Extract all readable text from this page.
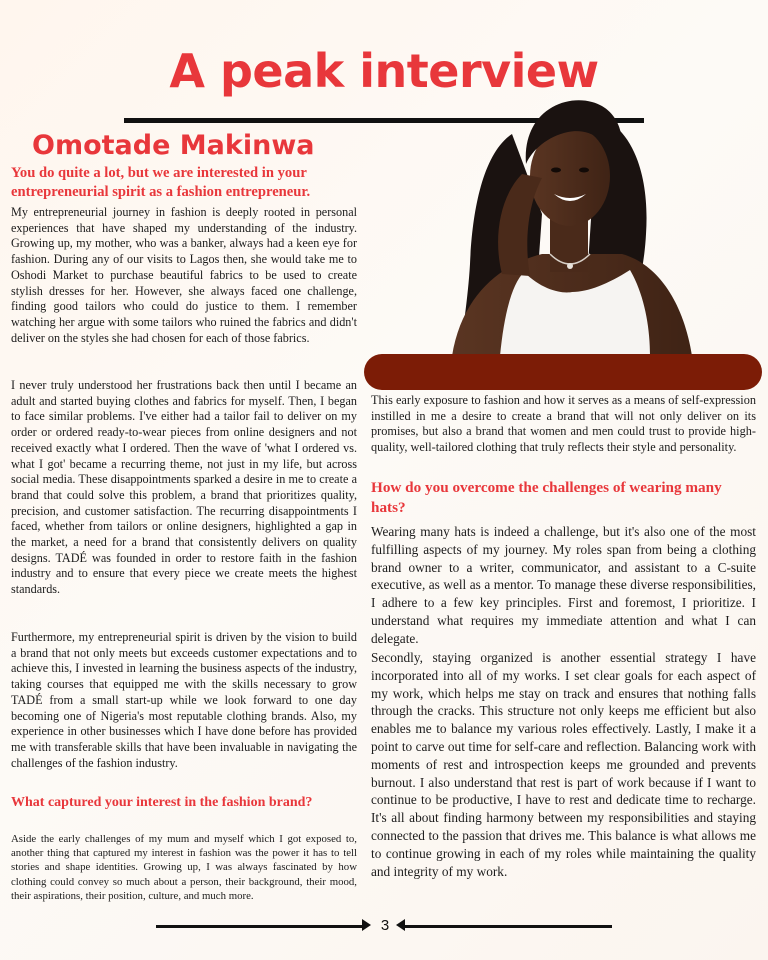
A peak interview
Omotade Makinwa
You do quite a lot, but we are interested in your entrepreneurial spirit as a fashion entrepreneur.
My entrepreneurial journey in fashion is deeply rooted in personal experiences that have shaped my understanding of the industry. Growing up, my mother, who was a banker, always had a keen eye for fashion. During any of our visits to Lagos then, she would take me to Oshodi Market to purchase beautiful fabrics to be used to create stylish dresses for her. However, she always faced one challenge, finding good tailors who could do justice to them. I remember watching her argue with some tailors who ruined the fabrics and didn't deliver on the styles she had chosen for each of those fabrics.
I never truly understood her frustrations back then until I became an adult and started buying clothes and fabrics for myself. Then, I began to face similar problems. I've either had a tailor fail to deliver on my order or ordered ready-to-wear pieces from online designers and not received exactly what I ordered. Then the wave of 'what I ordered vs. what I got' became a recurring theme, not just in my life, but across social media. These disappointments sparked a desire in me to create a brand that could solve this problem, a brand that prioritizes quality, precision, and customer satisfaction. The recurring disappointments I faced, whether from tailors or online designers, highlighted a gap in the market, a need for a brand that consistently delivers on quality designs. TADÉ was founded in order to restore faith in the fashion industry and to ensure that every piece we create meets the highest standards.
Furthermore, my entrepreneurial spirit is driven by the vision to build a brand that not only meets but exceeds customer expectations and to achieve this, I invested in learning the business aspects of the industry, taking courses that equipped me with the skills necessary to grow TADÉ from a small start-up while we look forward to one day becoming one of Nigeria's most reputable clothing brands. Also, my experience in other businesses which I have done before has provided me with transferable skills that have been invaluable in navigating the challenges of the fashion industry.
What captured your interest in the fashion brand?
Aside the early challenges of my mum and myself which I got exposed to, another thing that captured my interest in fashion was the power it has to tell stories and shape identities. Growing up, I was always fascinated by how clothing could convey so much about a person, their background, their mood, their aspirations, their position, culture, and much more.
This early exposure to fashion and how it serves as a means of self-expression instilled in me a desire to create a brand that will not only deliver on its promises, but also a brand that women and men could trust to provide high-quality, well-tailored clothing that truly reflects their style and personality.
How do you overcome the challenges of wearing many hats?
Wearing many hats is indeed a challenge, but it's also one of the most fulfilling aspects of my journey. My roles span from being a clothing brand owner to a writer, communicator, and assistant to a C-suite executive, as well as a mentor. To manage these diverse responsibilities, I adhere to a few key principles. First and foremost, I prioritize. I understand what requires my immediate attention and what I can delegate.
Secondly, staying organized is another essential strategy I have incorporated into all of my works. I set clear goals for each aspect of my work, which helps me stay on track and ensures that nothing falls through the cracks. This structure not only keeps me efficient but also enables me to balance my various roles effectively. Lastly, I make it a point to carve out time for self-care and reflection. Balancing work with moments of rest and introspection keeps me grounded and prevents burnout. I also understand that rest is part of work because if I want to continue to be productive, I have to rest and dedicate time to recharge. It's all about finding harmony between my responsibilities and staying connected to the passion that drives me. This balance is what allows me to continue growing in each of my roles while maintaining the quality and integrity of my work.
3
